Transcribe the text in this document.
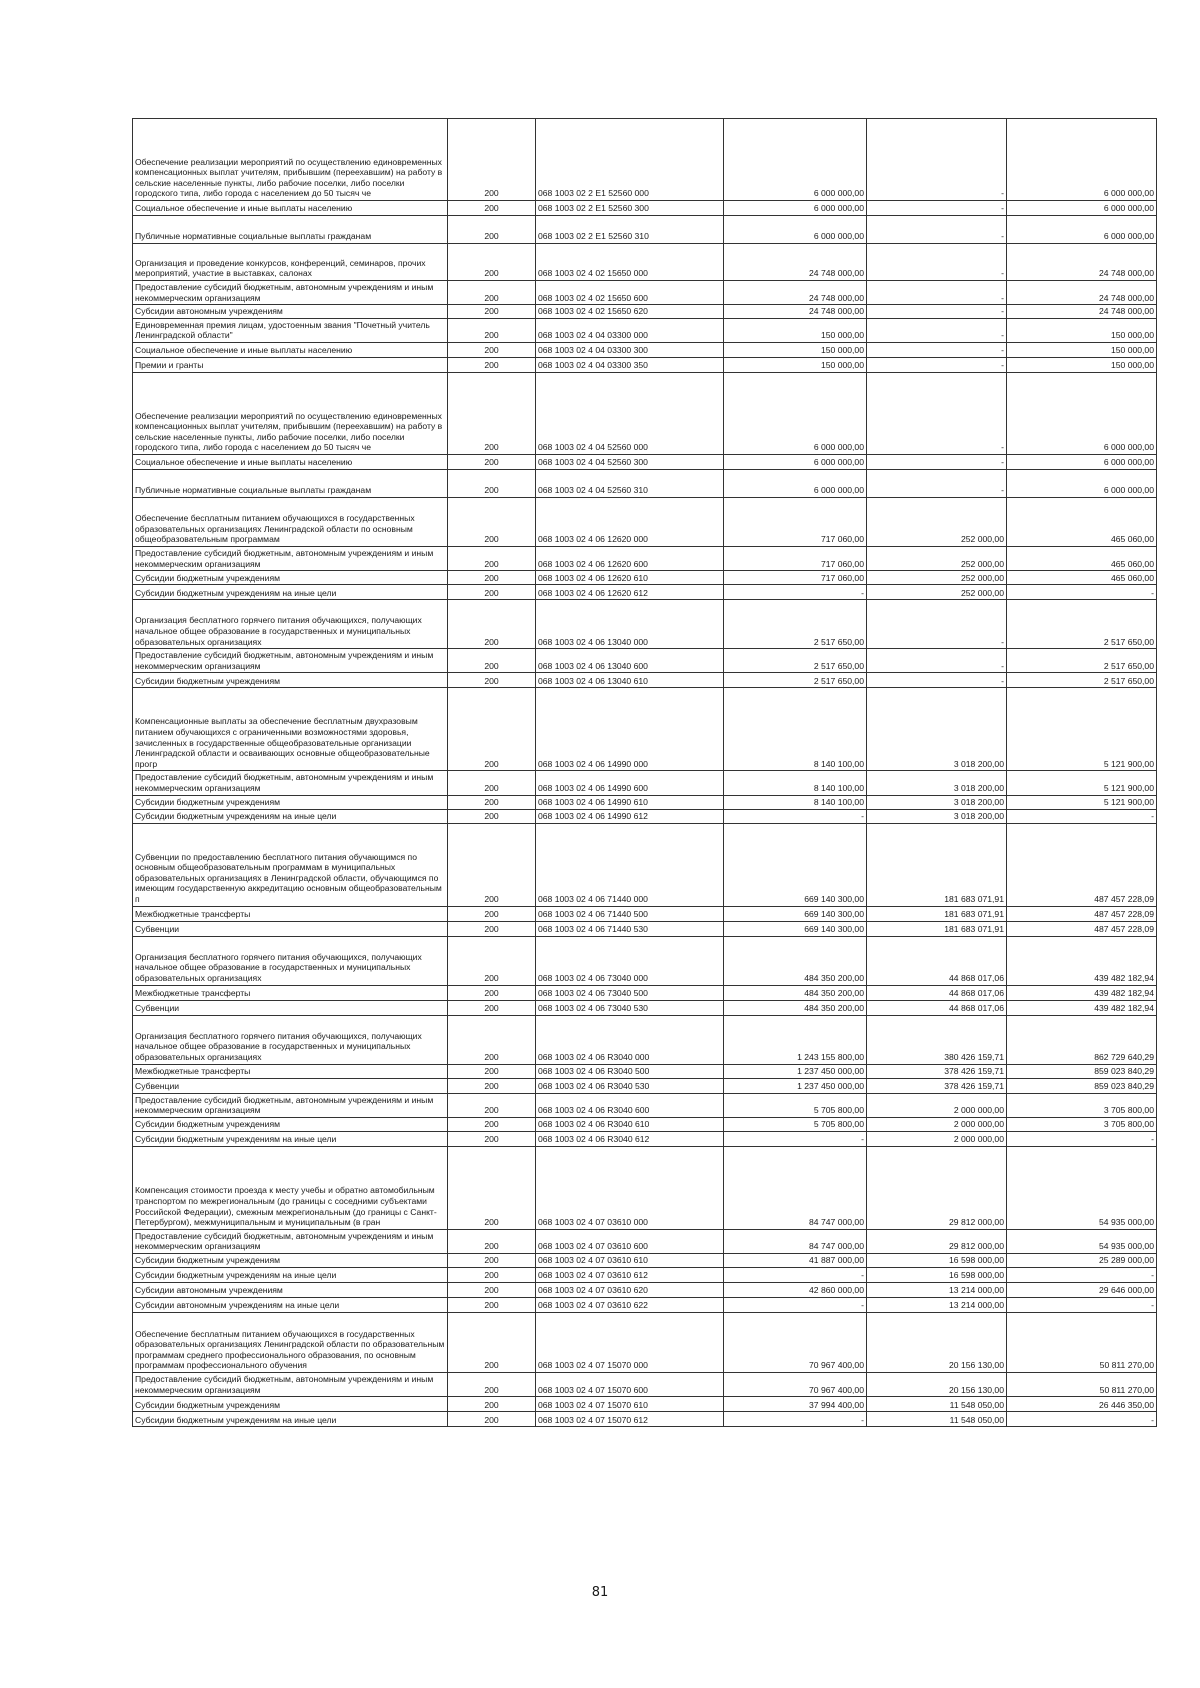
Обеспечение реализации мероприятий по осуществлению единовременных компенсационных выплат учителям, прибывшим (переехавшим) на работу в сельские населенные пункты, либо рабочие поселки, либо поселки городского типа, либо города с населением до 50 тысяч че	200	068 1003 02 2 E1 52560 000	6 000 000,00	-	6 000 000,00
Социальное обеспечение и иные выплаты населению	200	068 1003 02 2 E1 52560 300	6 000 000,00	-	6 000 000,00
Публичные нормативные социальные выплаты гражданам	200	068 1003 02 2 E1 52560 310	6 000 000,00	-	6 000 000,00
Организация и проведение конкурсов, конференций, семинаров, прочих мероприятий, участие в выставках, салонах	200	068 1003 02 4 02 15650 000	24 748 000,00	-	24 748 000,00
Предоставление субсидий бюджетным, автономным учреждениям и иным некоммерческим организациям	200	068 1003 02 4 02 15650 600	24 748 000,00	-	24 748 000,00
Субсидии автономным учреждениям	200	068 1003 02 4 02 15650 620	24 748 000,00	-	24 748 000,00
Единовременная премия лицам, удостоенным звания "Почетный учитель Ленинградской области"	200	068 1003 02 4 04 03300 000	150 000,00	-	150 000,00
Социальное обеспечение и иные выплаты населению	200	068 1003 02 4 04 03300 300	150 000,00	-	150 000,00
Премии и гранты	200	068 1003 02 4 04 03300 350	150 000,00	-	150 000,00
Обеспечение реализации мероприятий по осуществлению единовременных компенсационных выплат учителям, прибывшим (переехавшим) на работу в сельские населенные пункты, либо рабочие поселки, либо поселки городского типа, либо города с населением до 50 тысяч че	200	068 1003 02 4 04 52560 000	6 000 000,00	-	6 000 000,00
Социальное обеспечение и иные выплаты населению	200	068 1003 02 4 04 52560 300	6 000 000,00	-	6 000 000,00
Публичные нормативные социальные выплаты гражданам	200	068 1003 02 4 04 52560 310	6 000 000,00	-	6 000 000,00
Обеспечение бесплатным питанием обучающихся в государственных образовательных организациях Ленинградской области по основным общеобразовательным программам	200	068 1003 02 4 06 12620 000	717 060,00	252 000,00	465 060,00
Предоставление субсидий бюджетным, автономным учреждениям и иным некоммерческим организациям	200	068 1003 02 4 06 12620 600	717 060,00	252 000,00	465 060,00
Субсидии бюджетным учреждениям	200	068 1003 02 4 06 12620 610	717 060,00	252 000,00	465 060,00
Субсидии бюджетным учреждениям на иные цели	200	068 1003 02 4 06 12620 612	-	252 000,00	-
Организация бесплатного горячего питания обучающихся, получающих начальное общее образование в государственных и муниципальных образовательных организациях	200	068 1003 02 4 06 13040 000	2 517 650,00	-	2 517 650,00
Предоставление субсидий бюджетным, автономным учреждениям и иным некоммерческим организациям	200	068 1003 02 4 06 13040 600	2 517 650,00	-	2 517 650,00
Субсидии бюджетным учреждениям	200	068 1003 02 4 06 13040 610	2 517 650,00	-	2 517 650,00
Компенсационные выплаты за обеспечение бесплатным двухразовым питанием обучающихся с ограниченными возможностями здоровья, зачисленных в государственные общеобразовательные организации Ленинградской области и осваивающих основные общеобразовательные прогр	200	068 1003 02 4 06 14990 000	8 140 100,00	3 018 200,00	5 121 900,00
Предоставление субсидий бюджетным, автономным учреждениям и иным некоммерческим организациям	200	068 1003 02 4 06 14990 600	8 140 100,00	3 018 200,00	5 121 900,00
Субсидии бюджетным учреждениям	200	068 1003 02 4 06 14990 610	8 140 100,00	3 018 200,00	5 121 900,00
Субсидии бюджетным учреждениям на иные цели	200	068 1003 02 4 06 14990 612	-	3 018 200,00	-
Субвенции по предоставлению бесплатного питания обучающимся по основным общеобразовательным программам в муниципальных образовательных организациях в Ленинградской области, обучающимся по имеющим государственную аккредитацию основным общеобразовательным п	200	068 1003 02 4 06 71440 000	669 140 300,00	181 683 071,91	487 457 228,09
Межбюджетные трансферты	200	068 1003 02 4 06 71440 500	669 140 300,00	181 683 071,91	487 457 228,09
Субвенции	200	068 1003 02 4 06 71440 530	669 140 300,00	181 683 071,91	487 457 228,09
Организация бесплатного горячего питания обучающихся, получающих начальное общее образование в государственных и муниципальных образовательных организациях	200	068 1003 02 4 06 73040 000	484 350 200,00	44 868 017,06	439 482 182,94
Межбюджетные трансферты	200	068 1003 02 4 06 73040 500	484 350 200,00	44 868 017,06	439 482 182,94
Субвенции	200	068 1003 02 4 06 73040 530	484 350 200,00	44 868 017,06	439 482 182,94
Организация бесплатного горячего питания обучающихся, получающих начальное общее образование в государственных и муниципальных образовательных организациях	200	068 1003 02 4 06 R3040 000	1 243 155 800,00	380 426 159,71	862 729 640,29
Межбюджетные трансферты	200	068 1003 02 4 06 R3040 500	1 237 450 000,00	378 426 159,71	859 023 840,29
Субвенции	200	068 1003 02 4 06 R3040 530	1 237 450 000,00	378 426 159,71	859 023 840,29
Предоставление субсидий бюджетным, автономным учреждениям и иным некоммерческим организациям	200	068 1003 02 4 06 R3040 600	5 705 800,00	2 000 000,00	3 705 800,00
Субсидии бюджетным учреждениям	200	068 1003 02 4 06 R3040 610	5 705 800,00	2 000 000,00	3 705 800,00
Субсидии бюджетным учреждениям на иные цели	200	068 1003 02 4 06 R3040 612	-	2 000 000,00	-
Компенсация стоимости проезда к месту учебы и обратно автомобильным транспортом по межрегиональным (до границы с соседними субъектами Российской Федерации), смежным межрегиональным (до границы с Санкт-Петербургом), межмуниципальным и муниципальным (в гран	200	068 1003 02 4 07 03610 000	84 747 000,00	29 812 000,00	54 935 000,00
Предоставление субсидий бюджетным, автономным учреждениям и иным некоммерческим организациям	200	068 1003 02 4 07 03610 600	84 747 000,00	29 812 000,00	54 935 000,00
Субсидии бюджетным учреждениям	200	068 1003 02 4 07 03610 610	41 887 000,00	16 598 000,00	25 289 000,00
Субсидии бюджетным учреждениям на иные цели	200	068 1003 02 4 07 03610 612	-	16 598 000,00	-
Субсидии автономным учреждениям	200	068 1003 02 4 07 03610 620	42 860 000,00	13 214 000,00	29 646 000,00
Субсидии автономным учреждениям на иные цели	200	068 1003 02 4 07 03610 622	-	13 214 000,00	-
Обеспечение бесплатным питанием обучающихся в государственных образовательных организациях Ленинградской области по образовательным программам среднего профессионального образования, по основным программам профессионального обучения	200	068 1003 02 4 07 15070 000	70 967 400,00	20 156 130,00	50 811 270,00
Предоставление субсидий бюджетным, автономным учреждениям и иным некоммерческим организациям	200	068 1003 02 4 07 15070 600	70 967 400,00	20 156 130,00	50 811 270,00
Субсидии бюджетным учреждениям	200	068 1003 02 4 07 15070 610	37 994 400,00	11 548 050,00	26 446 350,00
Субсидии бюджетным учреждениям на иные цели	200	068 1003 02 4 07 15070 612	-	11 548 050,00	-
81
